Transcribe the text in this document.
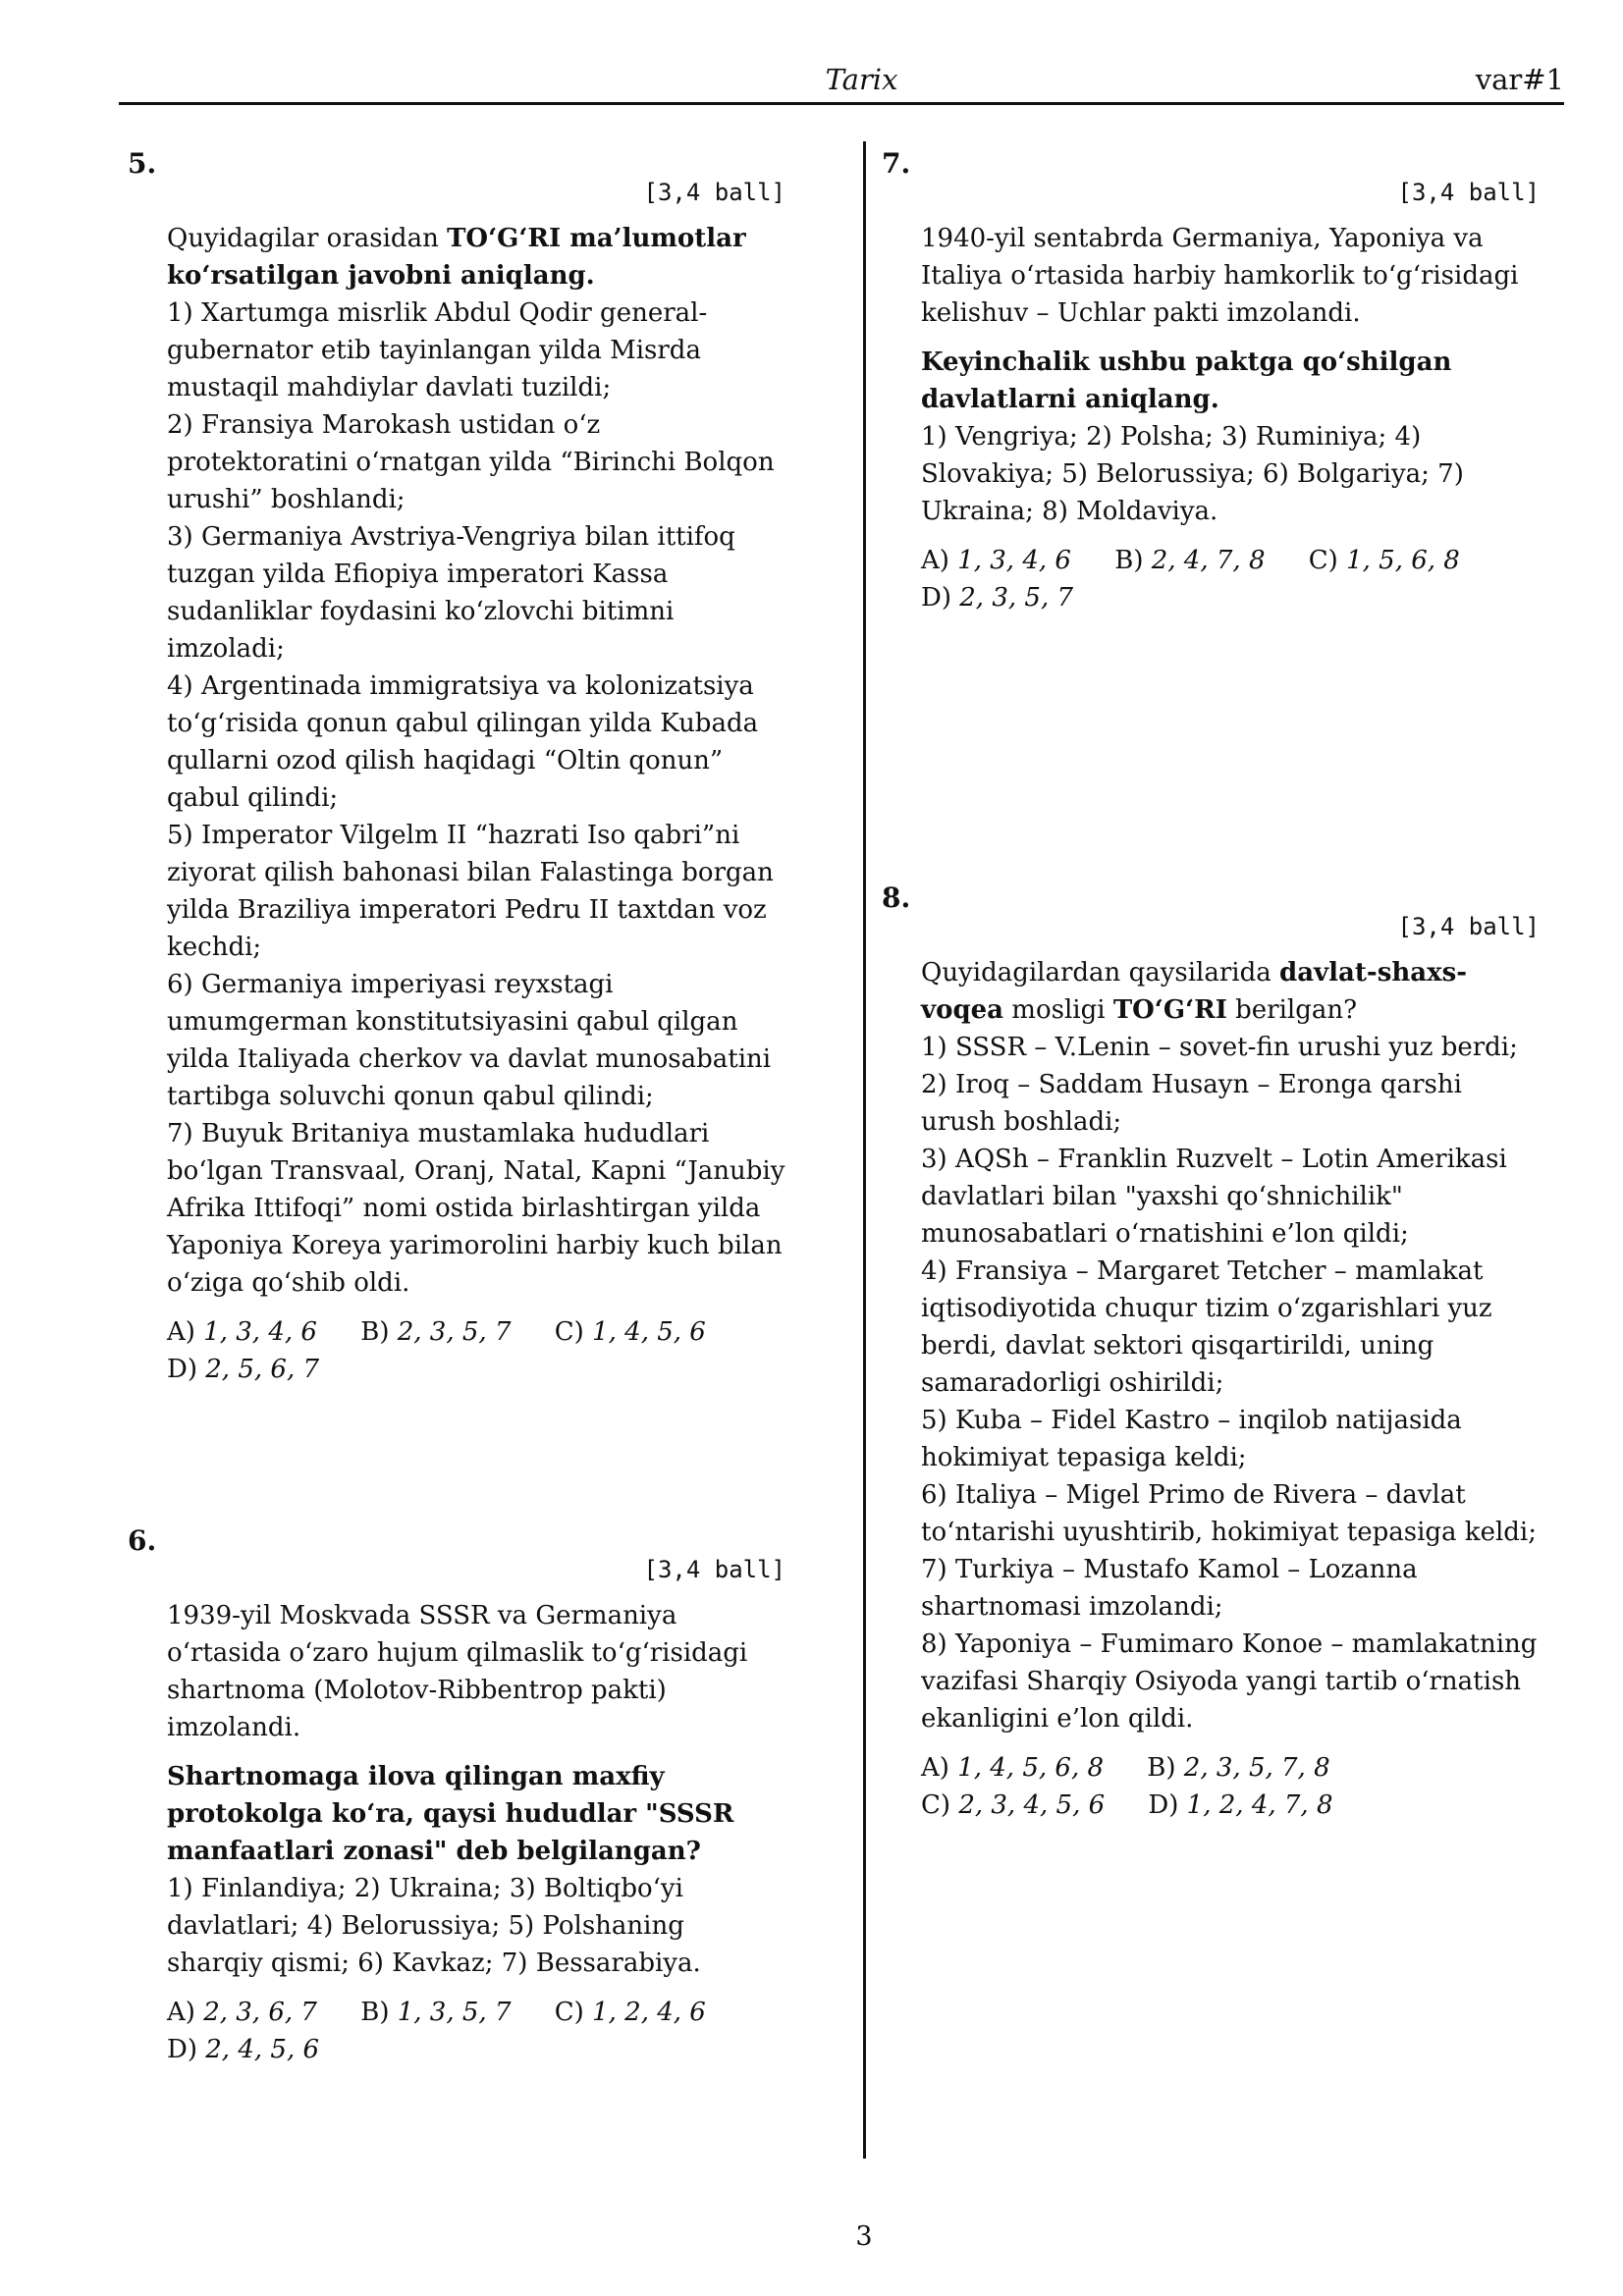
Tarix	var#1
5.
[3,4 ball]

Quyidagilar orasidan TO‘G‘RI ma’lumotlar ko‘rsatilgan javobni aniqlang.

1) Xartumga misrlik Abdul Qodir general-gubernator etib tayinlangan yilda Misrda mustaqil mahdiylar davlati tuzildi;

2) Fransiya Marokash ustidan o‘z protektoratini o‘rnatgan yilda “Birinchi Bolqon urushi” boshlandi;

3) Germaniya Avstriya-Vengriya bilan ittifoq tuzgan yilda Efiopiya imperatori Kassa sudanliklar foydasini ko‘zlovchi bitimni imzoladi;

4) Argentinada immigratsiya va kolonizatsiya to‘g‘risida qonun qabul qilingan yilda Kubada qullarni ozod qilish haqidagi “Oltin qonun” qabul qilindi;

5) Imperator Vilgelm II “hazrati Iso qabri”ni ziyorat qilish bahonasi bilan Falastinga borgan yilda Braziliya imperatori Pedru II taxtdan voz kechdi;

6) Germaniya imperiyasi reyxstagi umumgerman konstitutsiyasini qabul qilgan yilda Italiyada cherkov va davlat munosabatini tartibga soluvchi qonun qabul qilindi;

7) Buyuk Britaniya mustamlaka hududlari bo‘lgan Transvaal, Oranj, Natal, Kapni “Janubiy Afrika Ittifoqi” nomi ostida birlashtirgan yilda Yaponiya Koreya yarimorolini harbiy kuch bilan o‘ziga qo‘shib oldi.

A) 1, 3, 4, 6 B) 2, 3, 5, 7 C) 1, 4, 5, 6
D) 2, 5, 6, 7
6.
[3,4 ball]

1939-yil Moskvada SSSR va Germaniya o‘rtasida o‘zaro hujum qilmaslik to‘g‘risidagi shartnoma (Molotov-Ribbentrop pakti) imzolandi.

Shartnomaga ilova qilingan maxfiy protokolga ko‘ra, qaysi hududlar "SSSR manfaatlari zonasi" deb belgilangan?

1) Finlandiya; 2) Ukraina; 3) Boltiqbo‘yi davlatlari; 4) Belorussiya; 5) Polshaning sharqiy qismi; 6) Kavkaz; 7) Bessarabiya.

A) 2, 3, 6, 7 B) 1, 3, 5, 7 C) 1, 2, 4, 6
D) 2, 4, 5, 6
7.
[3,4 ball]

1940-yil sentabrda Germaniya, Yaponiya va Italiya o‘rtasida harbiy hamkorlik to‘g‘risidagi kelishuv – Uchlar pakti imzolandi.

Keyinchalik ushbu paktga qo‘shilgan davlatlarni aniqlang.

1) Vengriya; 2) Polsha; 3) Ruminiya; 4) Slovakiya; 5) Belorussiya; 6) Bolgariya; 7) Ukraina; 8) Moldaviya.

A) 1, 3, 4, 6 B) 2, 4, 7, 8 C) 1, 5, 6, 8
D) 2, 3, 5, 7
8.
[3,4 ball]

Quyidagilardan qaysilarida davlat-shaxs-voqea mosligi TO‘G‘RI berilgan?

1) SSSR – V.Lenin – sovet-fin urushi yuz berdi;

2) Iroq – Saddam Husayn – Eronga qarshi urush boshladi;

3) AQSh – Franklin Ruzvelt – Lotin Amerikasi davlatlari bilan "yaxshi qo‘shnichilik" munosabatlari o‘rnatishini e’lon qildi;

4) Fransiya – Margaret Tetcher – mamlakat iqtisodiyotida chuqur tizim o‘zgarishlari yuz berdi, davlat sektori qisqartirildi, uning samaradorligi oshirildi;

5) Kuba – Fidel Kastro – inqilob natijasida hokimiyat tepasiga keldi;

6) Italiya – Migel Primo de Rivera – davlat to‘ntarishi uyushtirib, hokimiyat tepasiga keldi;

7) Turkiya – Mustafo Kamol – Lozanna shartnomasi imzolandi;

8) Yaponiya – Fumimaro Konoe – mamlakatning vazifasi Sharqiy Osiyoda yangi tartib o‘rnatish ekanligini e’lon qildi.

A) 1, 4, 5, 6, 8 B) 2, 3, 5, 7, 8
C) 2, 3, 4, 5, 6 D) 1, 2, 4, 7, 8
3
